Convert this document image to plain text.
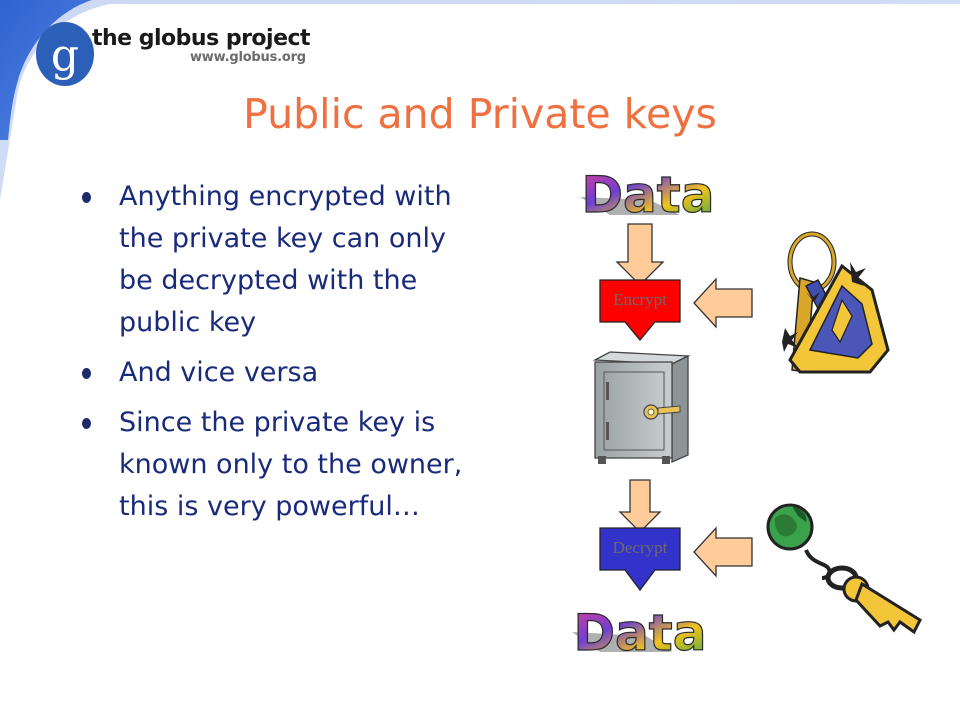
g the globus project
www.globus.org
Public and Private keys
Anything encrypted with the private key can only be decrypted with the public key
And vice versa
Since the private key is known only to the owner, this is very powerful…
Data
Encrypt
Decrypt
Data
